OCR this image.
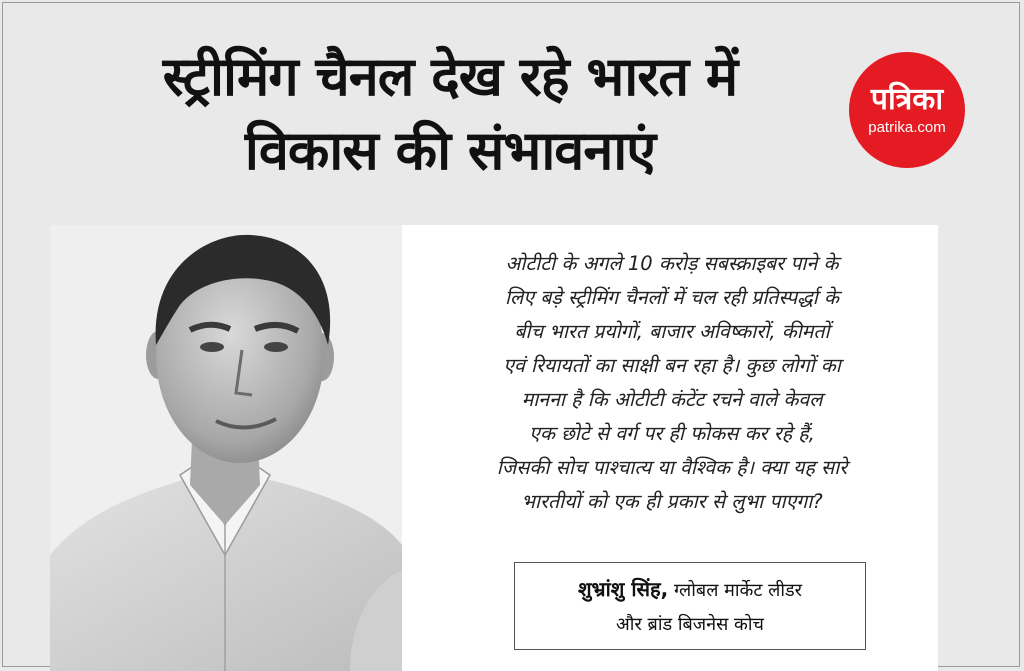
स्ट्रीमिंग चैनल देख रहे भारत में
विकास की संभावनाएं
पत्रिका
patrika.com
ओटीटी के अगले 10 करोड़ सबस्क्राइबर पाने के
लिए बड़े स्ट्रीमिंग चैनलों में चल रही प्रतिस्पर्द्धा के
बीच भारत प्रयोगों, बाजार अविष्कारों, कीमतों
एवं रियायतों का साक्षी बन रहा है। कुछ लोगों का
मानना है कि ओटीटी कंटेंट रचने वाले केवल
एक छोटे से वर्ग पर ही फोकस कर रहे हैं,
जिसकी सोच पाश्चात्य या वैश्विक है। क्या यह सारे
भारतीयों को एक ही प्रकार से लुभा पाएगा?
शुभ्रांशु सिंह, ग्लोबल मार्केट लीडर
और ब्रांड बिजनेस कोच
